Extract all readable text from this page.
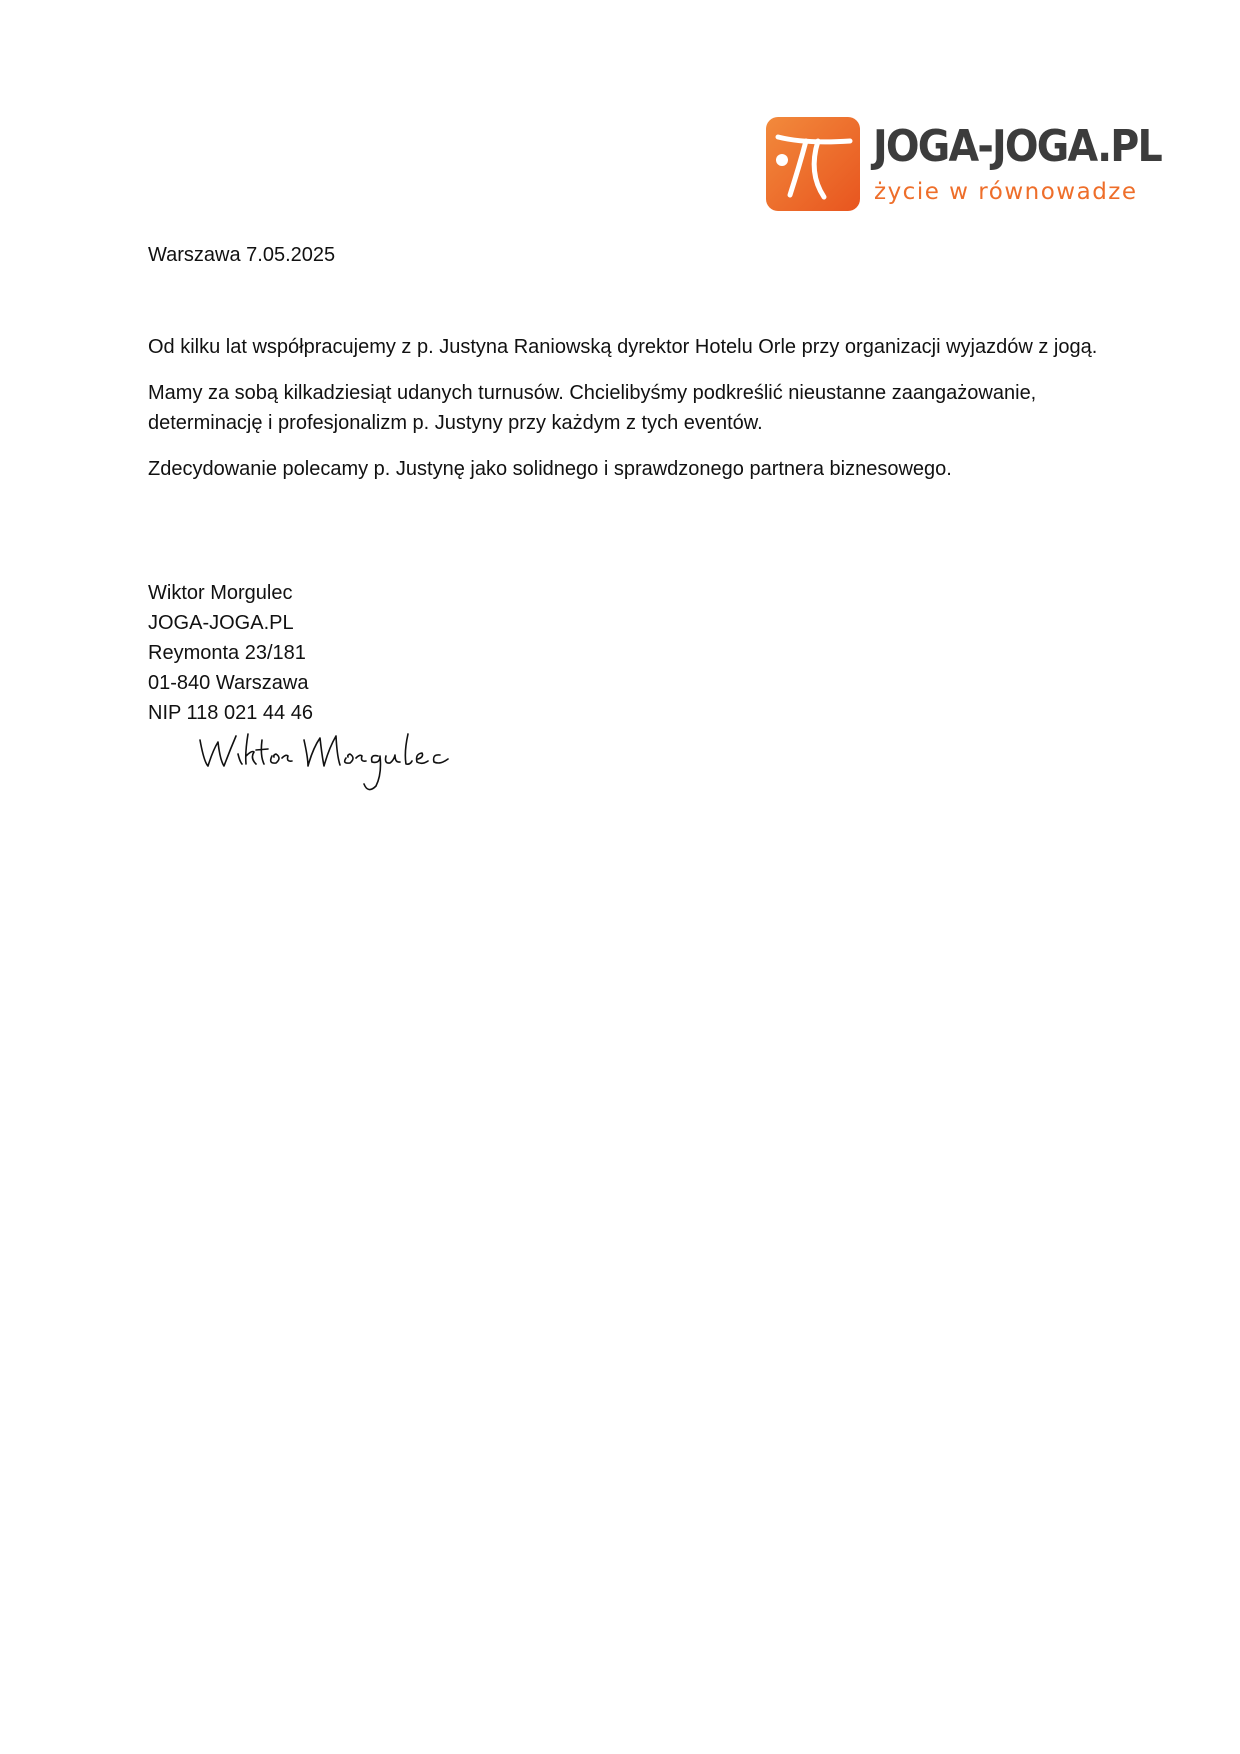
JOGA-JOGA.PL
życie w równowadze
Warszawa 7.05.2025

Od kilku lat współpracujemy z p. Justyna Raniowską dyrektor Hotelu Orle przy organizacji wyjazdów z jogą.

Mamy za sobą kilkadziesiąt udanych turnusów. Chcielibyśmy podkreślić nieustanne zaangażowanie, determinację i profesjonalizm p. Justyny przy każdym z tych eventów.

Zdecydowanie polecamy p. Justynę jako solidnego i sprawdzonego partnera biznesowego.

Wiktor Morgulec
JOGA-JOGA.PL
Reymonta 23/181
01-840 Warszawa
NIP 118 021 44 46
